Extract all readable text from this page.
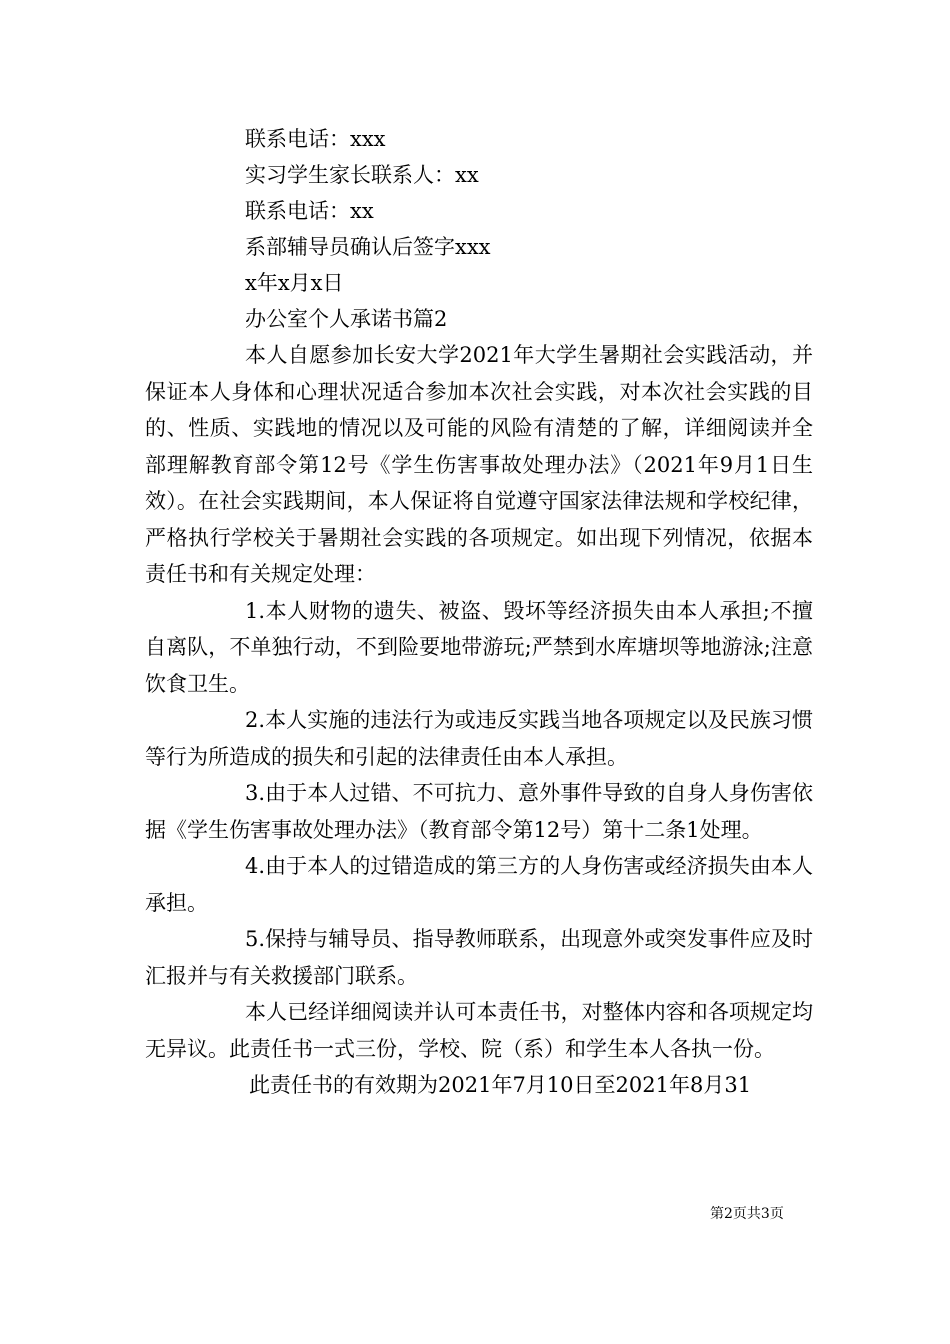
联系电话：xxx

实习学生家长联系人：xx

联系电话：xx

系部辅导员确认后签字xxx

x年x月x日

办公室个人承诺书篇2

本人自愿参加长安大学2021年大学生暑期社会实践活动，并保证本人身体和心理状况适合参加本次社会实践，对本次社会实践的目的、性质、实践地的情况以及可能的风险有清楚的了解，详细阅读并全部理解教育部令第12号《学生伤害事故处理办法》（2021年9月1日生效）。在社会实践期间，本人保证将自觉遵守国家法律法规和学校纪律，严格执行学校关于暑期社会实践的各项规定。如出现下列情况，依据本责任书和有关规定处理：

1.本人财物的遗失、被盗、毁坏等经济损失由本人承担;不擅自离队，不单独行动，不到险要地带游玩;严禁到水库塘坝等地游泳;注意饮食卫生。

2.本人实施的违法行为或违反实践当地各项规定以及民族习惯等行为所造成的损失和引起的法律责任由本人承担。

3.由于本人过错、不可抗力、意外事件导致的自身人身伤害依据《学生伤害事故处理办法》（教育部令第12号）第十二条1处理。

4.由于本人的过错造成的第三方的人身伤害或经济损失由本人承担。

5.保持与辅导员、指导教师联系，出现意外或突发事件应及时汇报并与有关救援部门联系。

本人已经详细阅读并认可本责任书，对整体内容和各项规定均无异议。此责任书一式三份，学校、院（系）和学生本人各执一份。

此责任书的有效期为2021年7月10日至2021年8月31

第2页共3页
